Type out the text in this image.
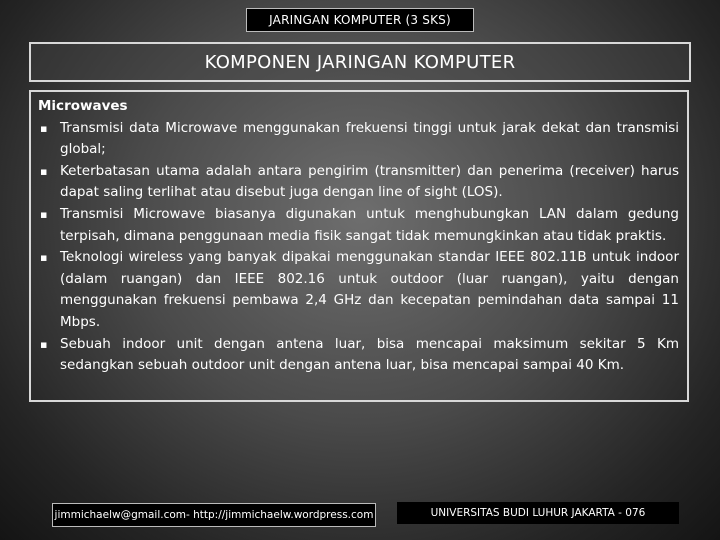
JARINGAN KOMPUTER (3 SKS)
KOMPONEN JARINGAN KOMPUTER
Microwaves
▪ Transmisi data Microwave menggunakan frekuensi tinggi untuk jarak dekat dan transmisi global;
▪ Keterbatasan utama adalah antara pengirim (transmitter) dan penerima (receiver) harus dapat saling terlihat atau disebut juga dengan line of sight (LOS).
▪ Transmisi Microwave biasanya digunakan untuk menghubungkan LAN dalam gedung terpisah, dimana penggunaan media fisik sangat tidak memungkinkan atau tidak praktis.
▪ Teknologi wireless yang banyak dipakai menggunakan standar IEEE 802.11B untuk indoor (dalam ruangan) dan IEEE 802.16 untuk outdoor (luar ruangan), yaitu dengan menggunakan frekuensi pembawa 2,4 GHz dan kecepatan pemindahan data sampai 11 Mbps.
▪ Sebuah indoor unit dengan antena luar, bisa mencapai maksimum sekitar 5 Km sedangkan sebuah outdoor unit dengan antena luar, bisa mencapai sampai 40 Km.
jimmichaelw@gmail.com- http://jimmichaelw.wordpress.com	UNIVERSITAS BUDI LUHUR JAKARTA - 076
